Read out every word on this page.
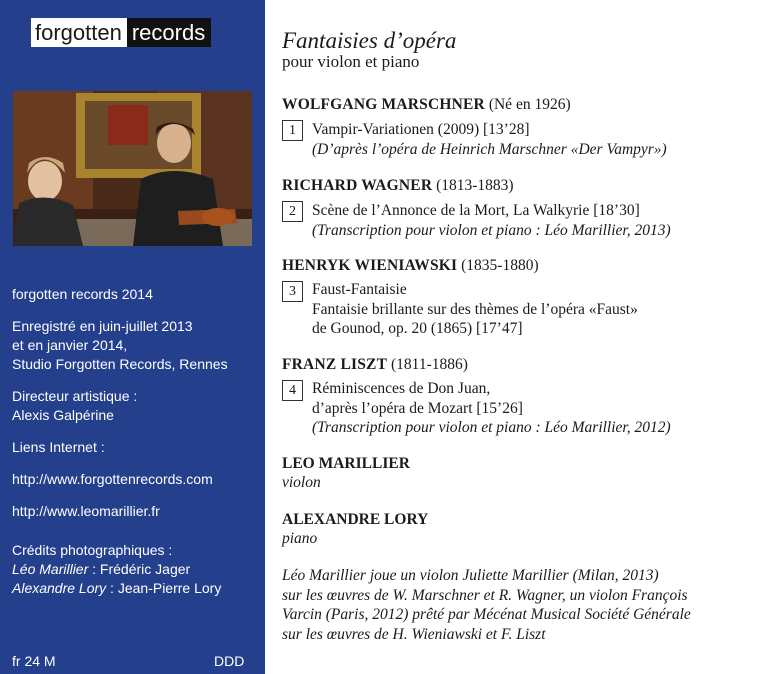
forgotten records
forgotten records 2014
Enregistré en juin-juillet 2013
et en janvier 2014,
Studio Forgotten Records, Rennes
Directeur artistique :
Alexis Galpérine
Liens Internet :
http://www.forgottenrecords.com
http://www.leomarillier.fr
Crédits photographiques :
Léo Marillier : Frédéric Jager
Alexandre Lory : Jean-Pierre Lory
fr 24 M	DDD
Fantaisies d’opéra
pour violon et piano
WOLFGANG MARSCHNER (Né en 1926)
1	Vampir-Variationen (2009) [13’28]
(D’après l’opéra de Heinrich Marschner «Der Vampyr»)
RICHARD WAGNER (1813-1883)
2	Scène de l’Annonce de la Mort, La Walkyrie [18’30]
(Transcription pour violon et piano : Léo Marillier, 2013)
HENRYK WIENIAWSKI (1835-1880)
3	Faust-Fantaisie
Fantaisie brillante sur des thèmes de l’opéra «Faust»
de Gounod, op. 20 (1865) [17’47]
FRANZ LISZT (1811-1886)
4	Réminiscences de Don Juan,
d’après l’opéra de Mozart [15’26]
(Transcription pour violon et piano : Léo Marillier, 2012)
LEO MARILLIER
violon
ALEXANDRE LORY
piano
Léo Marillier joue un violon Juliette Marillier (Milan, 2013)
sur les œuvres de W. Marschner et R. Wagner, un violon François
Varcin (Paris, 2012) prêté par Mécénat Musical Société Générale
sur les œuvres de H. Wieniawski et F. Liszt
